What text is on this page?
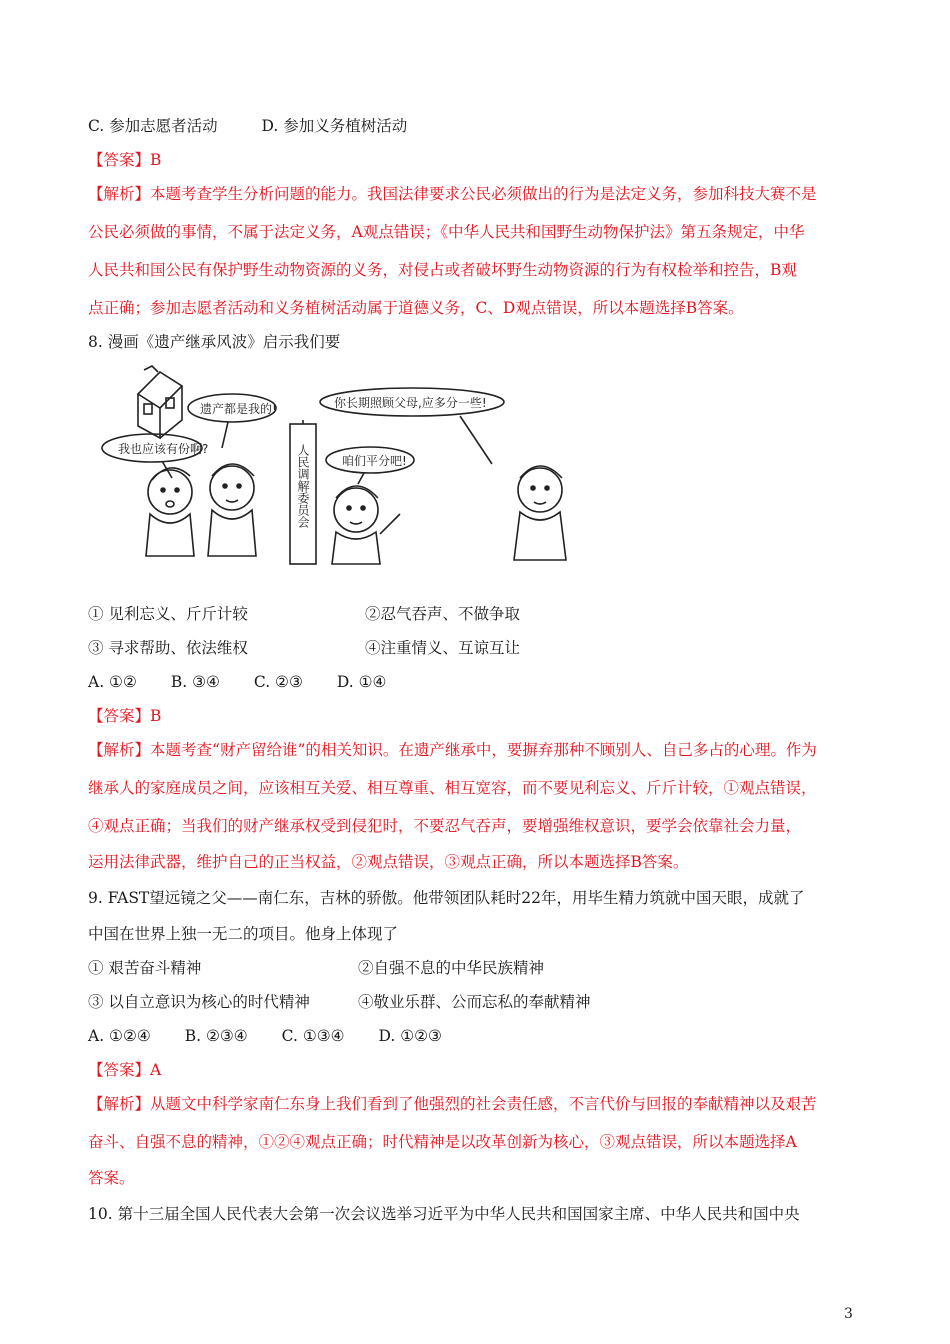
C. 参加志愿者活动	D. 参加义务植树活动
【答案】B
【解析】本题考查学生分析问题的能力。我国法律要求公民必须做出的行为是法定义务，参加科技大赛不是
公民必须做的事情，不属于法定义务，A观点错误；《中华人民共和国野生动物保护法》第五条规定，中华
人民共和国公民有保护野生动物资源的义务，对侵占或者破坏野生动物资源的行为有权检举和控告，B观
点正确；参加志愿者活动和义务植树活动属于道德义务，C、D观点错误，所以本题选择B答案。
8. 漫画《遗产继承风波》启示我们要
我也应该有份啊?
遗产都是我的!	你长期照顾父母,应多分一些!
咱们平分吧!
人民调解委员会
① 见利忘义、斤斤计较	②忍气吞声、不做争取
③ 寻求帮助、依法维权	④注重情义、互谅互让
A. ①② B. ③④ C. ②③ D. ①④
【答案】B
【解析】本题考查“财产留给谁”的相关知识。在遗产继承中，要摒弃那种不顾别人、自己多占的心理。作为
继承人的家庭成员之间，应该相互关爱、相互尊重、相互宽容，而不要见利忘义、斤斤计较，①观点错误，
④观点正确；当我们的财产继承权受到侵犯时，不要忍气吞声，要增强维权意识，要学会依靠社会力量，
运用法律武器，维护自己的正当权益，②观点错误，③观点正确，所以本题选择B答案。
9. FAST望远镜之父——南仁东，吉林的骄傲。他带领团队耗时22年，用毕生精力筑就中国天眼，成就了
中国在世界上独一无二的项目。他身上体现了
① 艰苦奋斗精神	②自强不息的中华民族精神
③ 以自立意识为核心的时代精神	④敬业乐群、公而忘私的奉献精神
A. ①②④ B. ②③④ C. ①③④ D. ①②③
【答案】A
【解析】从题文中科学家南仁东身上我们看到了他强烈的社会责任感，不言代价与回报的奉献精神以及艰苦
奋斗、自强不息的精神，①②④观点正确；时代精神是以改革创新为核心，③观点错误，所以本题选择A
答案。
10. 第十三届全国人民代表大会第一次会议选举习近平为中华人民共和国国家主席、中华人民共和国中央
3
